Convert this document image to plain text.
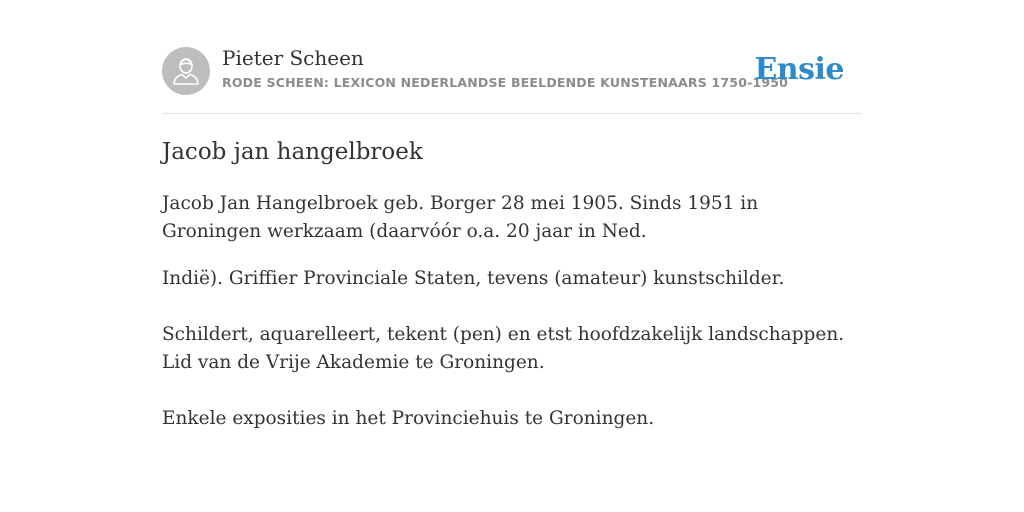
Pieter Scheen
RODE SCHEEN: LEXICON NEDERLANDSE BEELDENDE KUNSTENAARS 1750-1950
Ensie
Jacob jan hangelbroek

Jacob Jan Hangelbroek geb. Borger 28 mei 1905. Sinds 1951 in Groningen werkzaam (daarvóór o.a. 20 jaar in Ned.

Indië). Griffier Provinciale Staten, tevens (amateur) kunstschilder.

Schildert, aquarelleert, tekent (pen) en etst hoofdzakelijk landschappen. Lid van de Vrije Akademie te Groningen.

Enkele exposities in het Provinciehuis te Groningen.
